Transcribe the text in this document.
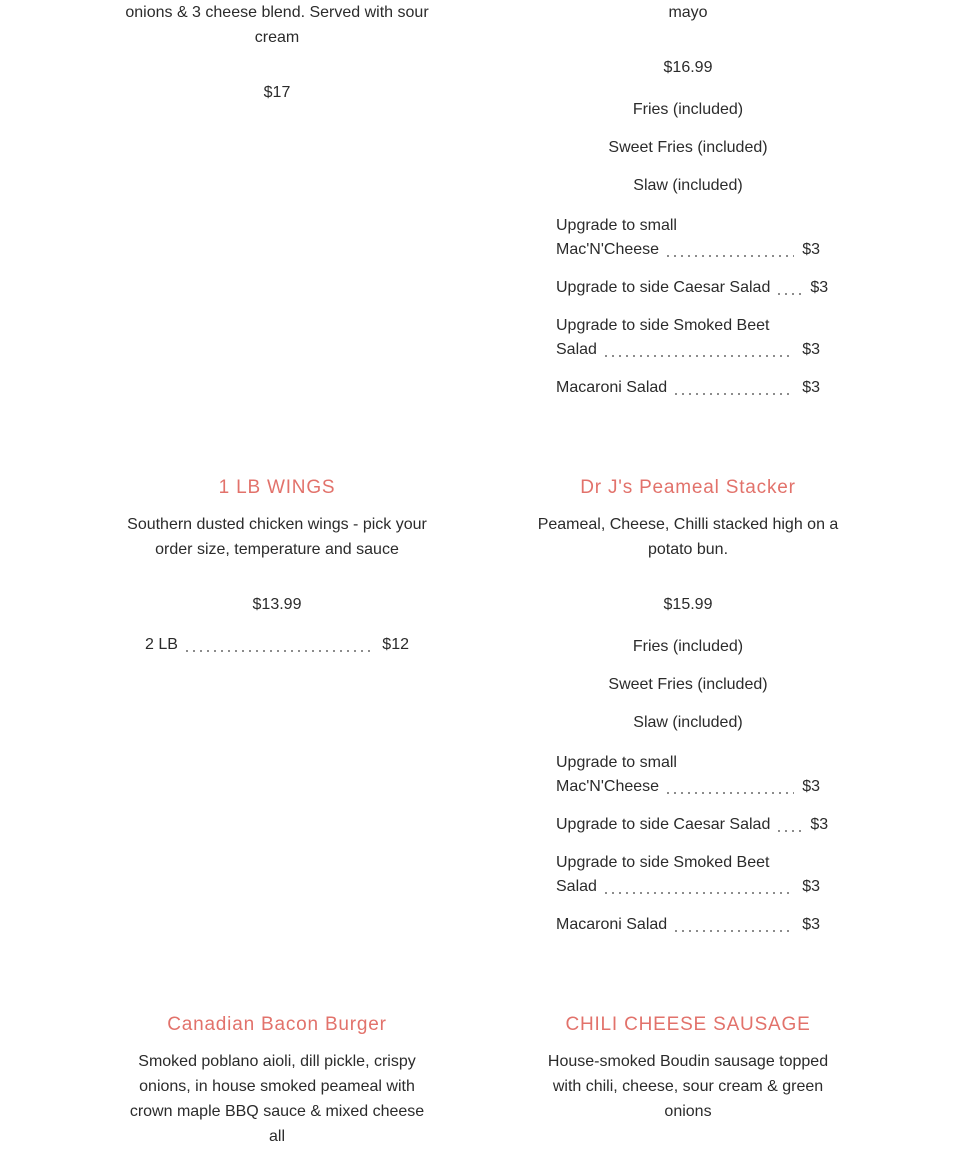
onions & 3 cheese blend. Served with sour cream
$17
mayo
$16.99
Fries (included)
Sweet Fries (included)
Slaw (included)
Upgrade to small
Mac'N'Cheese	$3
Upgrade to side Caesar Salad	$3
Upgrade to side Smoked Beet
Salad	$3
Macaroni Salad	$3
1 LB WINGS
Southern dusted chicken wings - pick your order size, temperature and sauce
$13.99
2 LB	$12
Dr J's Peameal Stacker
Peameal, Cheese, Chilli stacked high on a potato bun.
$15.99
Fries (included)
Sweet Fries (included)
Slaw (included)
Upgrade to small
Mac'N'Cheese	$3
Upgrade to side Caesar Salad	$3
Upgrade to side Smoked Beet
Salad	$3
Macaroni Salad	$3
Canadian Bacon Burger
Smoked poblano aioli, dill pickle, crispy onions, in house smoked peameal with crown maple BBQ sauce & mixed cheese all
CHILI CHEESE SAUSAGE
House-smoked Boudin sausage topped with chili, cheese, sour cream & green onions
